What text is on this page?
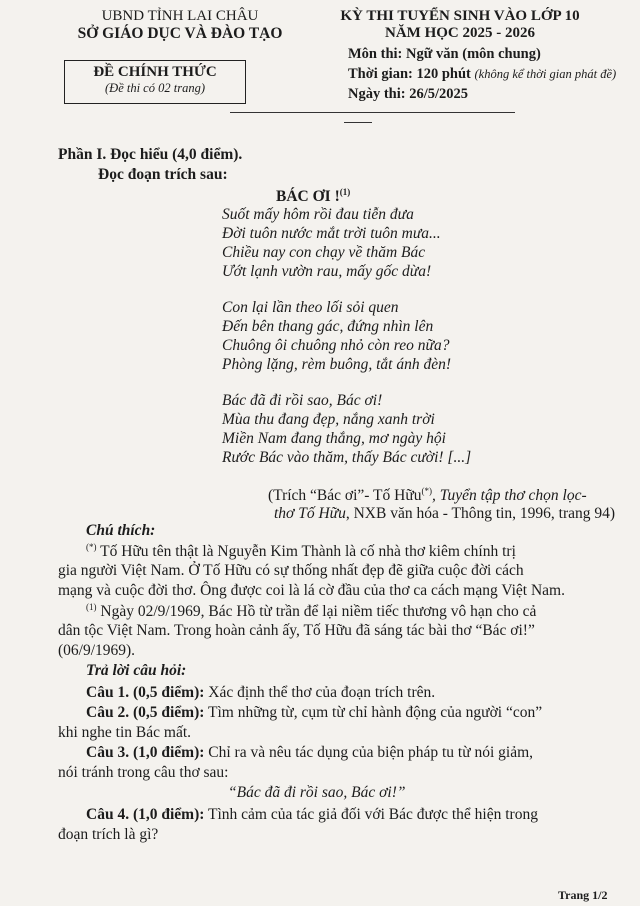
UBND TỈNH LAI CHÂU
SỞ GIÁO DỤC VÀ ĐÀO TẠO
ĐỀ CHÍNH THỨC
(Đề thi có 02 trang)
KỲ THI TUYỂN SINH VÀO LỚP 10
NĂM HỌC 2025 - 2026
Môn thi: Ngữ văn (môn chung)
Thời gian: 120 phút (không kể thời gian phát đề)
Ngày thi: 26/5/2025
Phần I. Đọc hiểu (4,0 điểm).
Đọc đoạn trích sau:
BÁC ƠI !$^{(1)}$
Suốt mấy hôm rồi đau tiễn đưa
Đời tuôn nước mắt trời tuôn mưa...
Chiều nay con chạy về thăm Bác
Ướt lạnh vườn rau, mấy gốc dừa!
Con lại lần theo lối sỏi quen
Đến bên thang gác, đứng nhìn lên
Chuông ôi chuông nhỏ còn reo nữa?
Phòng lặng, rèm buông, tắt ánh đèn!
Bác đã đi rồi sao, Bác ơi!
Mùa thu đang đẹp, nắng xanh trời
Miền Nam đang thắng, mơ ngày hội
Rước Bác vào thăm, thấy Bác cười! [...]
(Trích “Bác ơi”- Tố Hữu(*), Tuyển tập thơ chọn lọc-
thơ Tố Hữu, NXB văn hóa - Thông tin, 1996, trang 94)
Chú thích:
(*) Tố Hữu tên thật là Nguyễn Kim Thành là cố nhà thơ kiêm chính trị
gia người Việt Nam. Ở Tố Hữu có sự thống nhất đẹp đẽ giữa cuộc đời cách
mạng và cuộc đời thơ. Ông được coi là lá cờ đầu của thơ ca cách mạng Việt Nam.
$^{(1)}$ Ngày 02/9/1969, Bác Hồ từ trần để lại niềm tiếc thương vô hạn cho cả
dân tộc Việt Nam. Trong hoàn cảnh ấy, Tố Hữu đã sáng tác bài thơ “Bác ơi!”
(06/9/1969).
Trả lời câu hỏi:
Câu 1. (0,5 điểm): Xác định thể thơ của đoạn trích trên.
Câu 2. (0,5 điểm): Tìm những từ, cụm từ chỉ hành động của người “con”
khi nghe tin Bác mất.
Câu 3. (1,0 điểm): Chỉ ra và nêu tác dụng của biện pháp tu từ nói giảm,
nói tránh trong câu thơ sau:
“Bác đã đi rồi sao, Bác ơi!”
Câu 4. (1,0 điểm): Tình cảm của tác giả đối với Bác được thể hiện trong
đoạn trích là gì?
Trang 1/2
